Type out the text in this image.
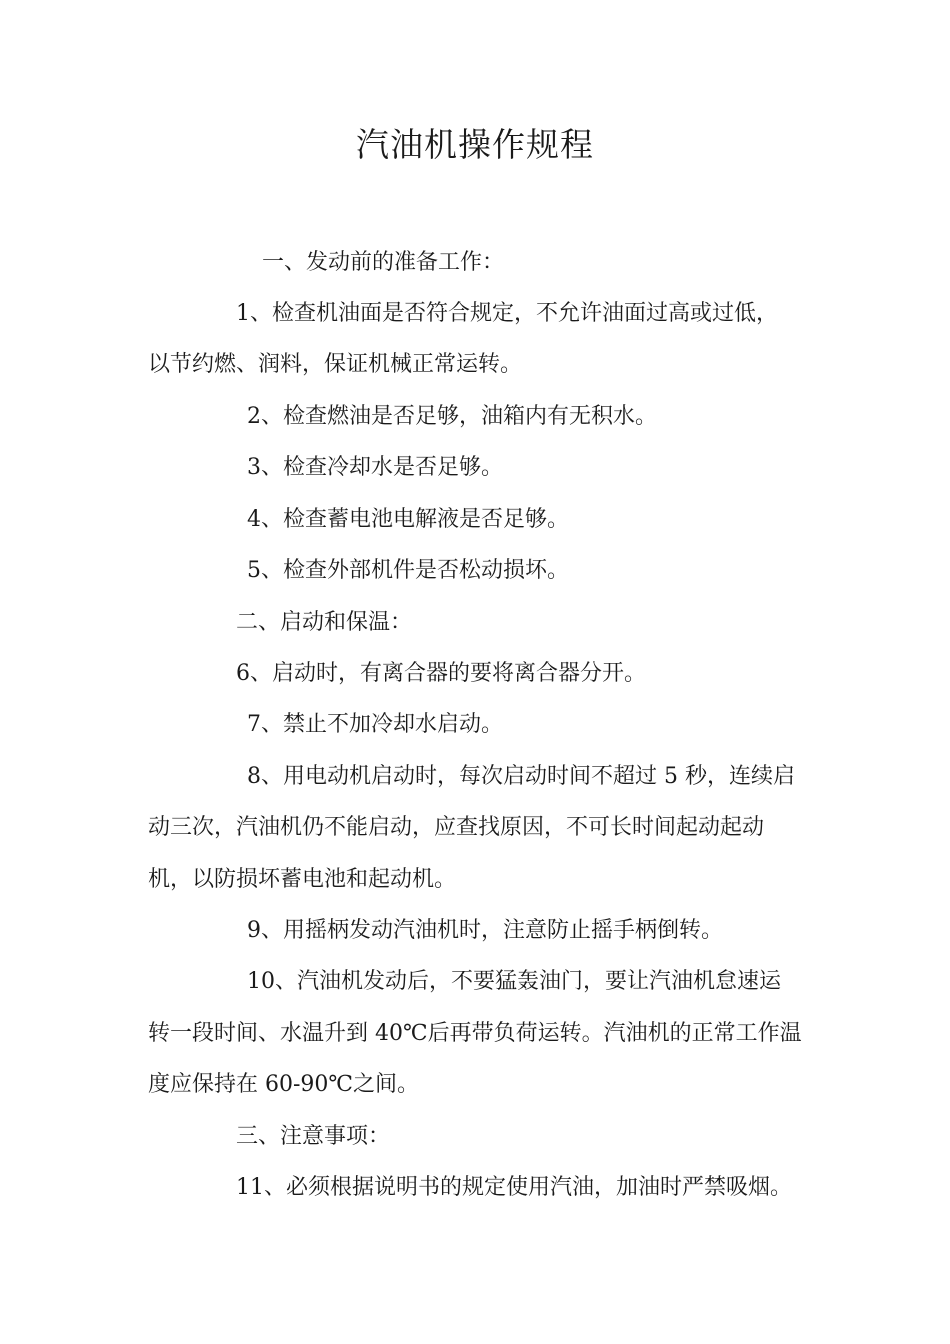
汽油机操作规程
一、发动前的准备工作：
1、检查机油面是否符合规定，不允许油面过高或过低，
以节约燃、润料，保证机械正常运转。
2、检查燃油是否足够，油箱内有无积水。
3、检查冷却水是否足够。
4、检查蓄电池电解液是否足够。
5、检查外部机件是否松动损坏。
二、启动和保温：
6、启动时，有离合器的要将离合器分开。
7、禁止不加冷却水启动。
8、用电动机启动时，每次启动时间不超过 5 秒，连续启
动三次，汽油机仍不能启动，应查找原因，不可长时间起动起动
机，以防损坏蓄电池和起动机。
9、用摇柄发动汽油机时，注意防止摇手柄倒转。
10、汽油机发动后，不要猛轰油门，要让汽油机怠速运
转一段时间、水温升到 40℃后再带负荷运转。汽油机的正常工作温
度应保持在 60-90℃之间。
三、注意事项：
11、必须根据说明书的规定使用汽油，加油时严禁吸烟。
